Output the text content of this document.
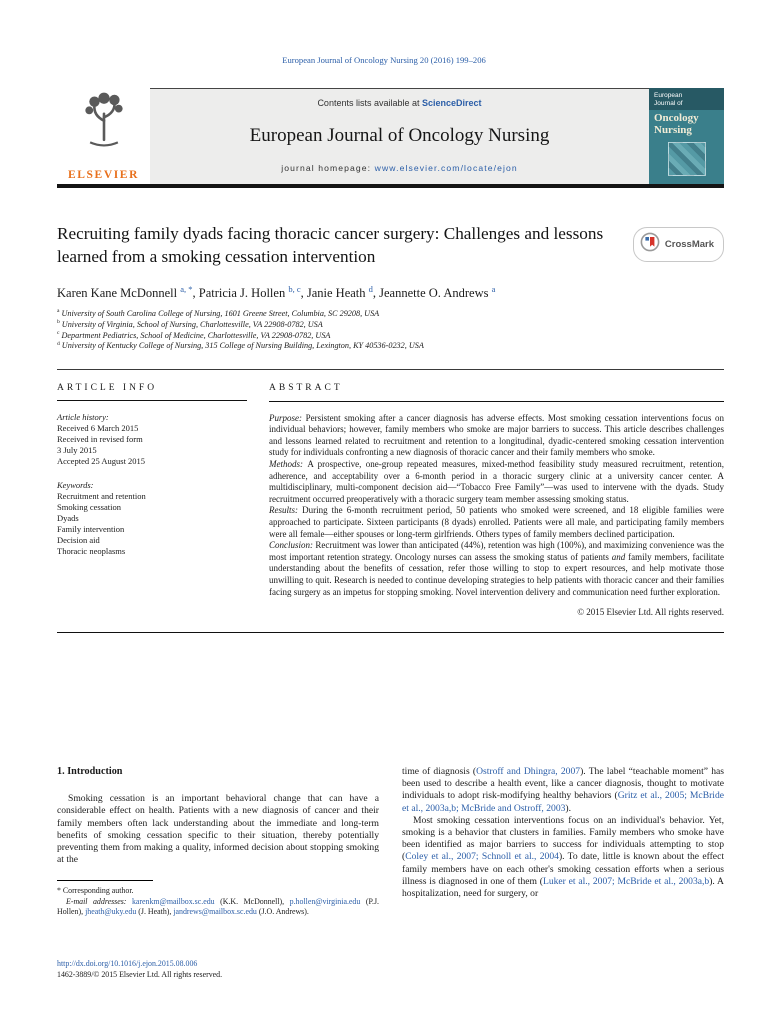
European Journal of Oncology Nursing 20 (2016) 199–206
ELSEVIER
Contents lists available at ScienceDirect
European Journal of Oncology Nursing
journal homepage: www.elsevier.com/locate/ejon
European
Journal of
Oncology
Nursing
Recruiting family dyads facing thoracic cancer surgery: Challenges and lessons learned from a smoking cessation intervention
CrossMark
Karen Kane McDonnell $^{a, *}$, Patricia J. Hollen $^{b, c}$, Janie Heath $^d$, Jeannette O. Andrews $^a$
$^a$ University of South Carolina College of Nursing, 1601 Greene Street, Columbia, SC 29208, USA
$^b$ University of Virginia, School of Nursing, Charlottesville, VA 22908-0782, USA
$^c$ Department Pediatrics, School of Medicine, Charlottesville, VA 22908-0782, USA
$^d$ University of Kentucky College of Nursing, 315 College of Nursing Building, Lexington, KY 40536-0232, USA
ARTICLE INFO
Article history:
Received 6 March 2015
Received in revised form
3 July 2015
Accepted 25 August 2015
Keywords:
Recruitment and retention
Smoking cessation
Dyads
Family intervention
Decision aid
Thoracic neoplasms
ABSTRACT

Purpose: Persistent smoking after a cancer diagnosis has adverse effects. Most smoking cessation interventions focus on individual behaviors; however, family members who smoke are major barriers to success. This article describes challenges and lessons learned related to recruitment and retention to a longitudinal, dyadic-centered smoking cessation intervention study for individuals confronting a new diagnosis of thoracic cancer and their family members who smoke.

Methods: A prospective, one-group repeated measures, mixed-method feasibility study measured recruitment, retention, adherence, and acceptability over a 6-month period in a thoracic surgery clinic at a university cancer center. A multidisciplinary, multi-component decision aid—“Tobacco Free Family”—was used to intervene with the dyads. Study recruitment occurred preoperatively with a thoracic surgery team member assessing smoking status.

Results: During the 6-month recruitment period, 50 patients who smoked were screened, and 18 eligible families were approached to participate. Sixteen participants (8 dyads) enrolled. Patients were all male, and participating family members were all female—either spouses or long-term girlfriends. Others types of family members declined participation.

Conclusion: Recruitment was lower than anticipated (44%), retention was high (100%), and maximizing convenience was the most important retention strategy. Oncology nurses can assess the smoking status of patients and family members, facilitate understanding about the benefits of cessation, refer those willing to stop to expert resources, and help motivate those unwilling to quit. Research is needed to continue developing strategies to help patients with thoracic cancer and their families facing surgery as an impetus for stopping smoking. Novel intervention delivery and communication need further exploration.

© 2015 Elsevier Ltd. All rights reserved.
1. Introduction

Smoking cessation is an important behavioral change that can have a considerable effect on health. Patients with a new diagnosis of cancer and their family members often lack understanding about the immediate and long-term benefits of smoking cessation specific to their situation, thereby potentially preventing them from making a quality, informed decision about stopping smoking at the

* Corresponding author.
E-mail addresses: karenkm@mailbox.sc.edu (K.K. McDonnell), p.hollen@virginia.edu (P.J. Hollen), jheath@uky.edu (J. Heath), jandrews@mailbox.sc.edu (J.O. Andrews).

time of diagnosis (Ostroff and Dhingra, 2007). The label “teachable moment” has been used to describe a health event, like a cancer diagnosis, thought to motivate individuals to adopt risk-modifying healthy behaviors (Gritz et al., 2005; McBride et al., 2003a,b; McBride and Ostroff, 2003).

Most smoking cessation interventions focus on an individual's behavior. Yet, smoking is a behavior that clusters in families. Family members who smoke have been identified as major barriers to success for individuals attempting to stop (Coley et al., 2007; Schnoll et al., 2004). To date, little is known about the effect family members have on each other's smoking cessation efforts when a serious illness is diagnosed in one of them (Luker et al., 2007; McBride et al., 2003a,b). A hospitalization, need for surgery, or

http://dx.doi.org/10.1016/j.ejon.2015.08.006
1462-3889/© 2015 Elsevier Ltd. All rights reserved.
